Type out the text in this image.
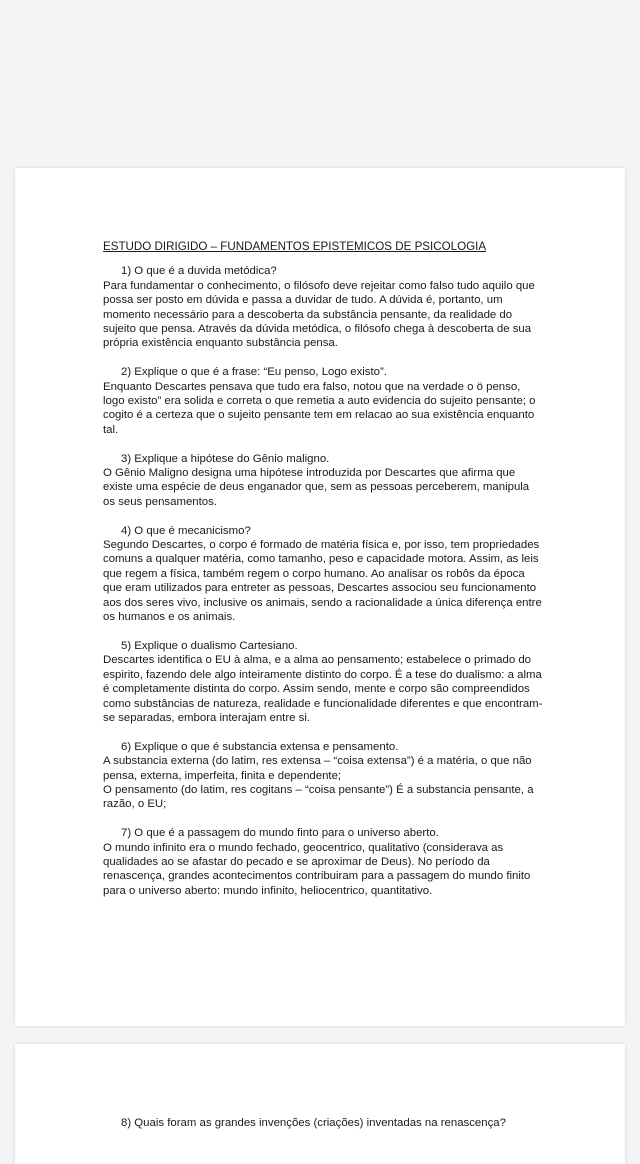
ESTUDO DIRIGIDO – FUNDAMENTOS EPISTEMICOS DE PSICOLOGIA
1) O que é a duvida metódica?

Para fundamentar o conhecimento, o filósofo deve rejeitar como falso tudo aquilo que possa ser posto em dúvida e passa a duvidar de tudo. A dúvida é, portanto, um momento necessário para a descoberta da substância pensante, da realidade do sujeito que pensa. Através da dúvida metódica, o filósofo chega à descoberta de sua própria existência enquanto substância pensa.

2) Explique o que é a frase: “Eu penso, Logo existo”.

Enquanto Descartes pensava que tudo era falso, notou que na verdade o ö penso, logo existo” era solida e correta o que remetia a auto evidencia do sujeito pensante; o cogito é a certeza que o sujeito pensante tem em relacao ao sua existência enquanto tal.

3) Explique a hipótese do Gênio maligno.

O Gênio Maligno designa uma hipótese introduzida por Descartes que afirma que existe uma espécie de deus enganador que, sem as pessoas perceberem, manipula os seus pensamentos.

4) O que é mecanicismo?

Segundo Descartes, o corpo é formado de matéria física e, por isso, tem propriedades comuns a qualquer matéria, como tamanho, peso e capacidade motora. Assim, as leis que regem a física, também regem o corpo humano. Ao analisar os robôs da época que eram utilizados para entreter as pessoas, Descartes associou seu funcionamento aos dos seres vivo, inclusive os animais, sendo a racionalidade a única diferença entre os humanos e os animais.

5) Explique o dualismo Cartesiano.

Descartes identifica o EU à alma, e a alma ao pensamento; estabelece o primado do espirito, fazendo dele algo inteiramente distinto do corpo. É a tese do dualismo: a alma é completamente distinta do corpo. Assim sendo, mente e corpo são compreendidos como substâncias de natureza, realidade e funcionalidade diferentes e que encontram-se separadas, embora interajam entre si.

6) Explique o que é substancia extensa e pensamento.

A substancia externa (do latim, res extensa – “coisa extensa”) é a matéria, o que não pensa, externa, imperfeita, finita e dependente;

O pensamento (do latim, res cogitans – “coisa pensante”) É a substancia pensante, a razão, o EU;

7) O que é a passagem do mundo finto para o universo aberto.

O mundo infinito era o mundo fechado, geocentrico, qualitativo (considerava as qualidades ao se afastar do pecado e se aproximar de Deus). No período da renascença, grandes acontecimentos contribuiram para a passagem do mundo finito para o universo aberto: mundo infinito, heliocentrico, quantitativo.

8) Quais foram as grandes invenções (criações) inventadas na renascença?
